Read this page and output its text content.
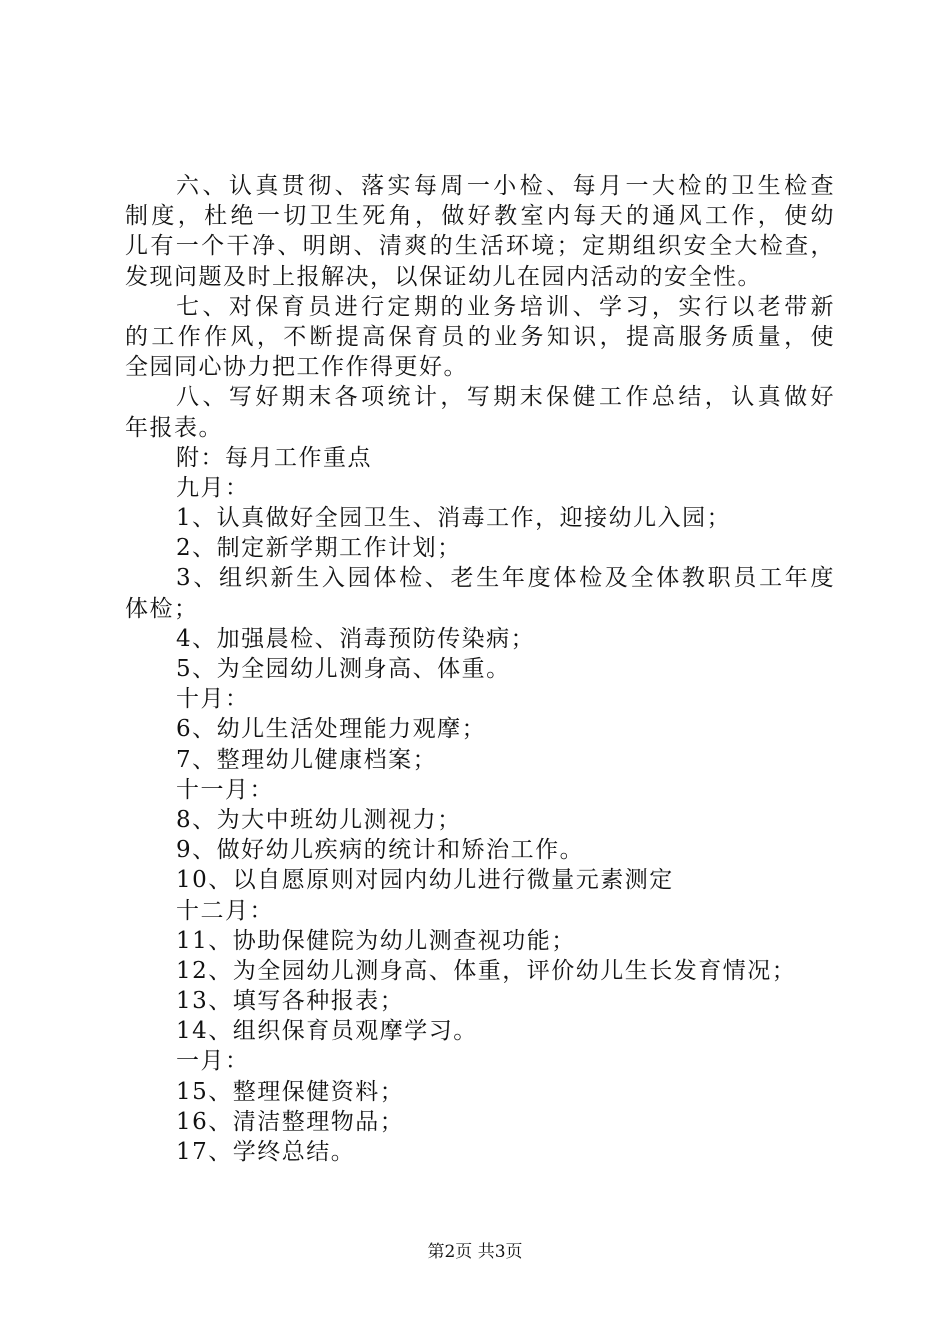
六、认真贯彻、落实每周一小检、每月一大检的卫生检查
制度，杜绝一切卫生死角，做好教室内每天的通风工作，使幼
儿有一个干净、明朗、清爽的生活环境；定期组织安全大检查，
发现问题及时上报解决，以保证幼儿在园内活动的安全性。
七、对保育员进行定期的业务培训、学习，实行以老带新
的工作作风，不断提高保育员的业务知识，提高服务质量，使
全园同心协力把工作作得更好。
八、写好期末各项统计，写期末保健工作总结，认真做好
年报表。
附：每月工作重点
九月：
1、认真做好全园卫生、消毒工作，迎接幼儿入园；
2、制定新学期工作计划；
3、组织新生入园体检、老生年度体检及全体教职员工年度
体检；
4、加强晨检、消毒预防传染病；
5、为全园幼儿测身高、体重。
十月：
6、幼儿生活处理能力观摩；
7、整理幼儿健康档案；
十一月：
8、为大中班幼儿测视力；
9、做好幼儿疾病的统计和矫治工作。
10、以自愿原则对园内幼儿进行微量元素测定
十二月：
11、协助保健院为幼儿测查视功能；
12、为全园幼儿测身高、体重，评价幼儿生长发育情况；
13、填写各种报表；
14、组织保育员观摩学习。
一月：
15、整理保健资料；
16、清洁整理物品；
17、学终总结。
第2页 共3页
